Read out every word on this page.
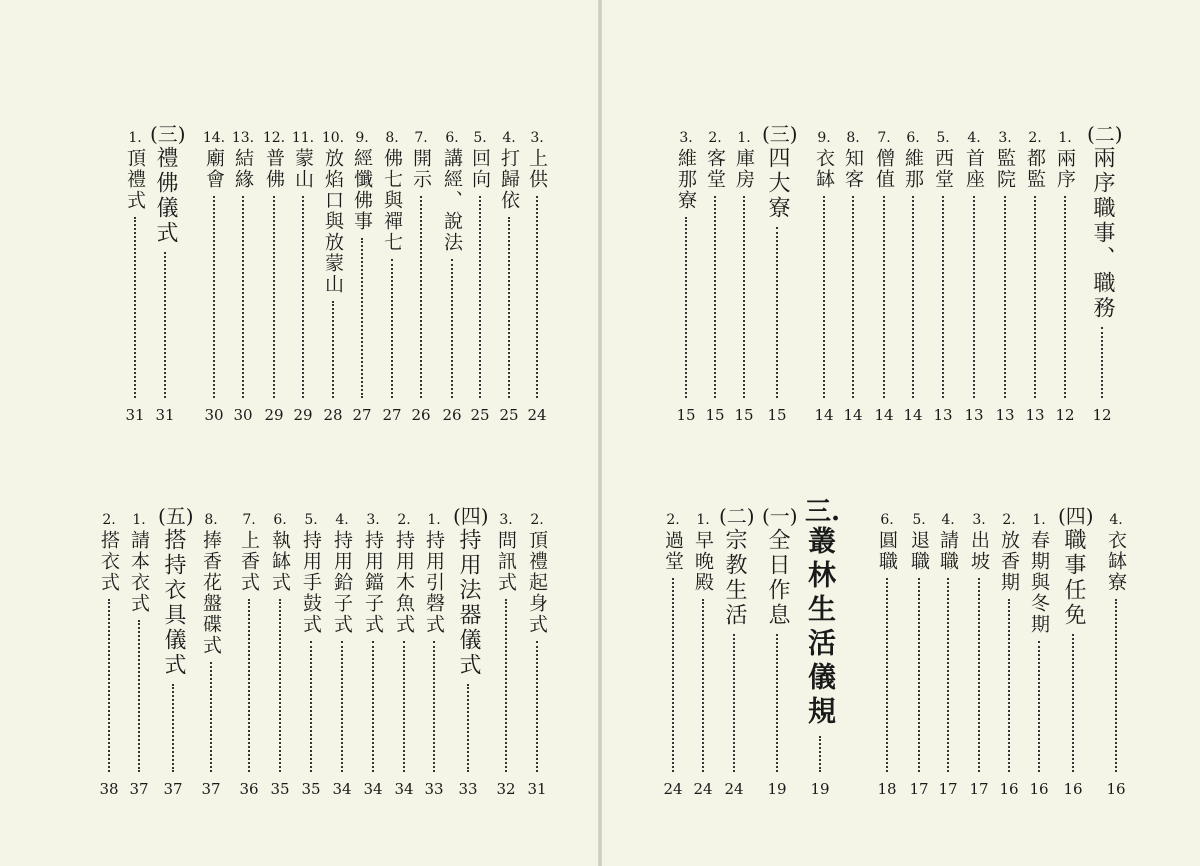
3.
上供
24
4.
打歸依
25
5.
回向
25
6.
講經、說法
26
7.
開示
26
8.
佛七與禪七
27
9.
經懺佛事
27
10.
放焰口與放蒙山
28
11.
蒙山
29
12.
普佛
29
13.
結緣
30
14.
廟會
30
(三)
禮佛儀式
31
1.
頂禮式
31
2.
頂禮起身式
31
3.
問訊式
32
(四)
持用法器儀式
33
1.
持用引磬式
33
2.
持用木魚式
34
3.
持用鐺子式
34
4.
持用鉿子式
34
5.
持用手鼓式
35
6.
執缽式
35
7.
上香式
36
8.
捧香花盤碟式
37
(五)
搭持衣具儀式
37
1.
請本衣式
37
2.
搭衣式
38
(二)
兩序職事、職務
12
1.
兩序
12
2.
都監
13
3.
監院
13
4.
首座
13
5.
西堂
13
6.
維那
14
7.
僧值
14
8.
知客
14
9.
衣缽
14
(三)
四大寮
15
1.
庫房
15
2.
客堂
15
3.
維那寮
15
4.
衣缽寮
16
(四)
職事任免
16
1.
春期與冬期
16
2.
放香期
16
3.
出坡
17
4.
請職
17
5.
退職
17
6.
圓職
18
三.
叢林生活儀規
19
(一)
全日作息
19
(二)
宗教生活
24
1.
早晚殿
24
2.
過堂
24
